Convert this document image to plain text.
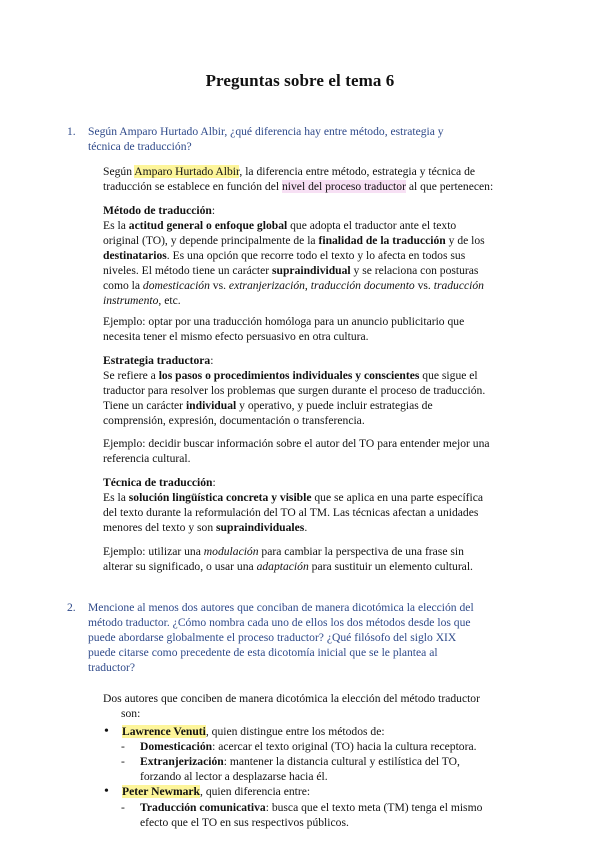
Preguntas sobre el tema 6
1. Según Amparo Hurtado Albir, ¿qué diferencia hay entre método, estrategia y
técnica de traducción?
Según Amparo Hurtado Albir, la diferencia entre método, estrategia y técnica de
traducción se establece en función del nivel del proceso traductor al que pertenecen:
Método de traducción:
Es la actitud general o enfoque global que adopta el traductor ante el texto
original (TO), y depende principalmente de la finalidad de la traducción y de los
destinatarios. Es una opción que recorre todo el texto y lo afecta en todos sus
niveles. El método tiene un carácter supraindividual y se relaciona con posturas
como la domesticación vs. extranjerización, traducción documento vs. traducción
instrumento, etc.
Ejemplo: optar por una traducción homóloga para un anuncio publicitario que
necesita tener el mismo efecto persuasivo en otra cultura.
Estrategia traductora:
Se refiere a los pasos o procedimientos individuales y conscientes que sigue el
traductor para resolver los problemas que surgen durante el proceso de traducción.
Tiene un carácter individual y operativo, y puede incluir estrategias de
comprensión, expresión, documentación o transferencia.
Ejemplo: decidir buscar información sobre el autor del TO para entender mejor una
referencia cultural.
Técnica de traducción:
Es la solución lingüística concreta y visible que se aplica en una parte específica
del texto durante la reformulación del TO al TM. Las técnicas afectan a unidades
menores del texto y son supraindividuales.
Ejemplo: utilizar una modulación para cambiar la perspectiva de una frase sin
alterar su significado, o usar una adaptación para sustituir un elemento cultural.
2. Mencione al menos dos autores que conciban de manera dicotómica la elección del
método traductor. ¿Cómo nombra cada uno de ellos los dos métodos desde los que
puede abordarse globalmente el proceso traductor? ¿Qué filósofo del siglo XIX
puede citarse como precedente de esta dicotomía inicial que se le plantea al
traductor?
Dos autores que conciben de manera dicotómica la elección del método traductor
son:
• Lawrence Venuti, quien distingue entre los métodos de:
- Domesticación: acercar el texto original (TO) hacia la cultura receptora.
- Extranjerización: mantener la distancia cultural y estilística del TO,
forzando al lector a desplazarse hacia él.
• Peter Newmark, quien diferencia entre:
- Traducción comunicativa: busca que el texto meta (TM) tenga el mismo
efecto que el TO en sus respectivos públicos.
